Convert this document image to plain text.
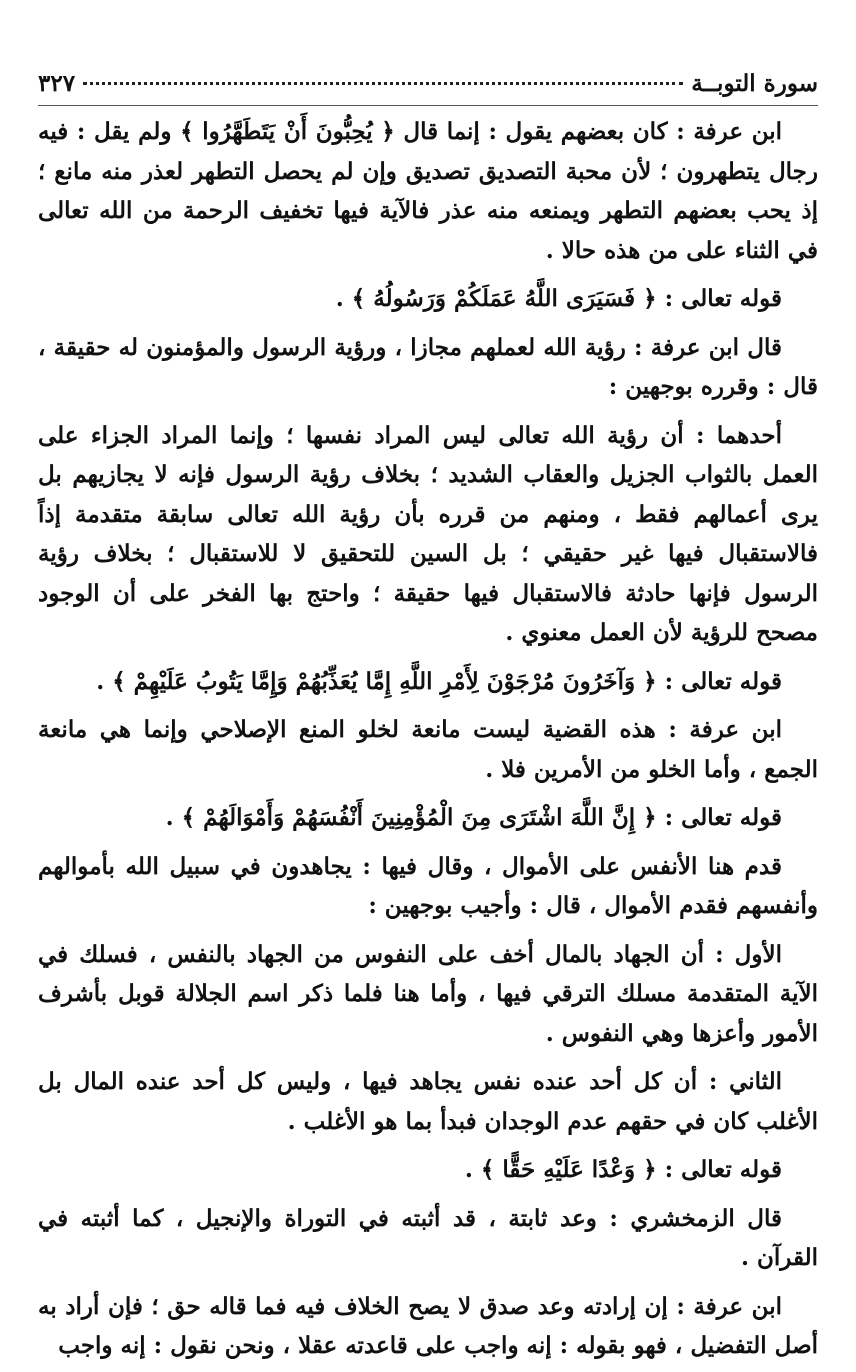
سورة التوبــة
٣٢٧

ابن عرفة : كان بعضهم يقول : إنما قال ﴿ يُحِبُّونَ أَنْ يَتَطَهَّرُوا ﴾ ولم يقل : فيه رجال يتطهرون ؛ لأن محبة التصديق تصديق وإن لم يحصل التطهر لعذر منه مانع ؛ إذ يحب بعضهم التطهر ويمنعه منه عذر فالآية فيها تخفيف الرحمة من الله تعالى في الثناء على من هذه حالا .

قوله تعالى : ﴿ فَسَيَرَى اللَّهُ عَمَلَكُمْ وَرَسُولُهُ ﴾ .

قال ابن عرفة : رؤية الله لعملهم مجازا ، ورؤية الرسول والمؤمنون له حقيقة ، قال : وقرره بوجهين :

أحدهما : أن رؤية الله تعالى ليس المراد نفسها ؛ وإنما المراد الجزاء على العمل بالثواب الجزيل والعقاب الشديد ؛ بخلاف رؤية الرسول فإنه لا يجازيهم بل يرى أعمالهم فقط ، ومنهم من قرره بأن رؤية الله تعالى سابقة متقدمة إذاً فالاستقبال فيها غير حقيقي ؛ بل السين للتحقيق لا للاستقبال ؛ بخلاف رؤية الرسول فإنها حادثة فالاستقبال فيها حقيقة ؛ واحتج بها الفخر على أن الوجود مصحح للرؤية لأن العمل معنوي .

قوله تعالى : ﴿ وَآخَرُونَ مُرْجَوْنَ لِأَمْرِ اللَّهِ إِمَّا يُعَذِّبُهُمْ وَإِمَّا يَتُوبُ عَلَيْهِمْ ﴾ .

ابن عرفة : هذه القضية ليست مانعة لخلو المنع الإصلاحي وإنما هي مانعة الجمع ، وأما الخلو من الأمرين فلا .

قوله تعالى : ﴿ إِنَّ اللَّهَ اشْتَرَى مِنَ الْمُؤْمِنِينَ أَنْفُسَهُمْ وَأَمْوَالَهُمْ ﴾ .

قدم هنا الأنفس على الأموال ، وقال فيها : يجاهدون في سبيل الله بأموالهم وأنفسهم فقدم الأموال ، قال : وأجيب بوجهين :

الأول : أن الجهاد بالمال أخف على النفوس من الجهاد بالنفس ، فسلك في الآية المتقدمة مسلك الترقي فيها ، وأما هنا فلما ذكر اسم الجلالة قوبل بأشرف الأمور وأعزها وهي النفوس .

الثاني : أن كل أحد عنده نفس يجاهد فيها ، وليس كل أحد عنده المال بل الأغلب كان في حقهم عدم الوجدان فبدأ بما هو الأغلب .

قوله تعالى : ﴿ وَعْدًا عَلَيْهِ حَقًّا ﴾ .

قال الزمخشري : وعد ثابتة ، قد أثبته في التوراة والإنجيل ، كما أثبته في القرآن .

ابن عرفة : إن إرادته وعد صدق لا يصح الخلاف فيه فما قاله حق ؛ فإن أراد به أصل التفضيل ، فهو بقوله : إنه واجب على قاعدته عقلا ، ونحن نقول : إنه واجب
